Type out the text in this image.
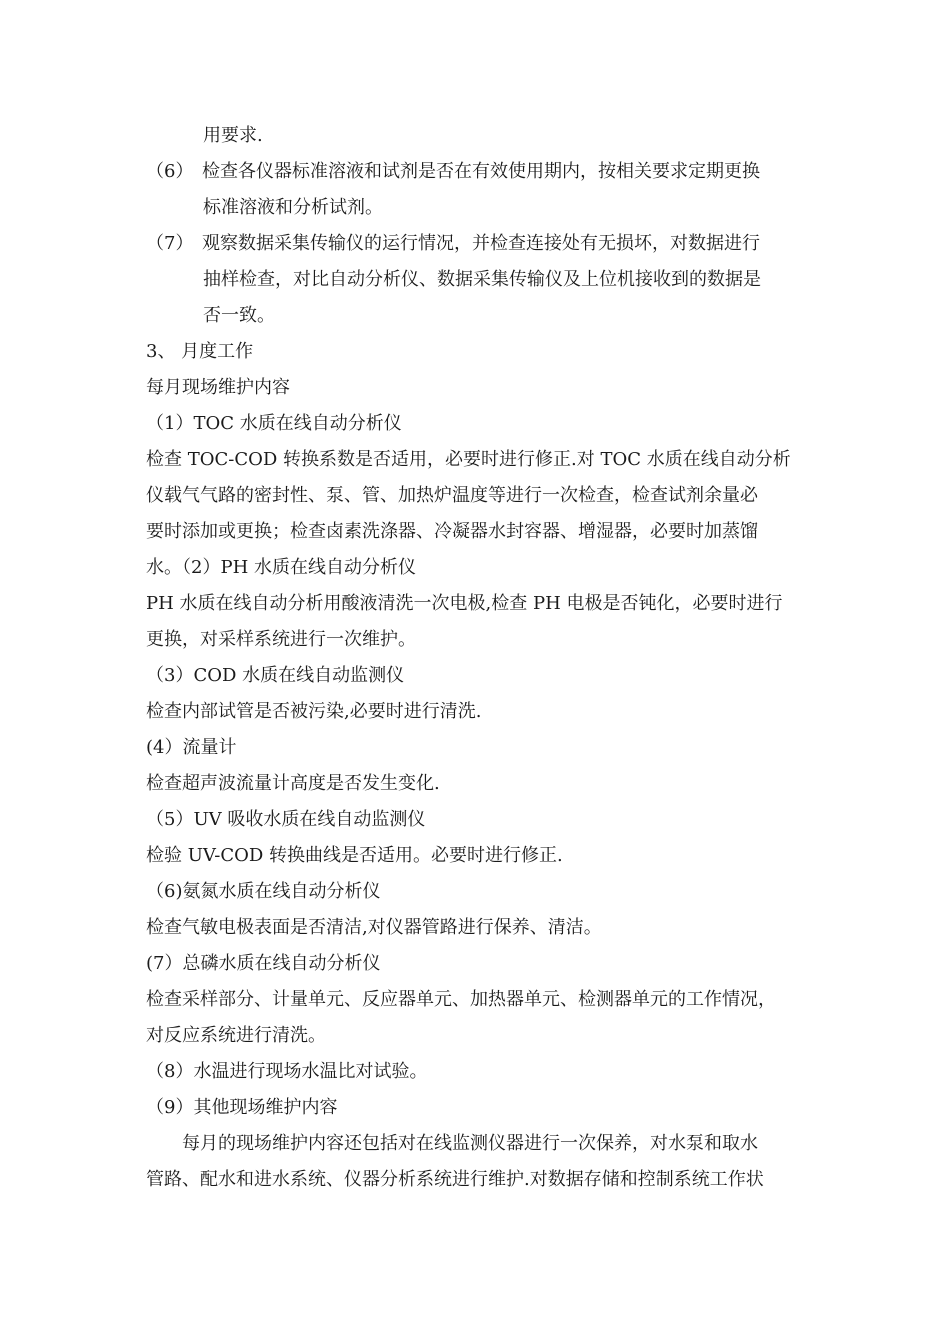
用要求.
（6） 检查各仪器标准溶液和试剂是否在有效使用期内，按相关要求定期更换
标准溶液和分析试剂。
（7） 观察数据采集传输仪的运行情况，并检查连接处有无损坏，对数据进行
抽样检查，对比自动分析仪、数据采集传输仪及上位机接收到的数据是
否一致。
3、 月度工作
每月现场维护内容
（1）TOC 水质在线自动分析仪
检查 TOC-COD 转换系数是否适用，必要时进行修正.对 TOC 水质在线自动分析
仪载气气路的密封性、泵、管、加热炉温度等进行一次检查，检查试剂余量必
要时添加或更换；检查卤素洗涤器、冷凝器水封容器、增湿器，必要时加蒸馏
水。（2）PH 水质在线自动分析仪
PH 水质在线自动分析用酸液清洗一次电极,检查 PH 电极是否钝化，必要时进行
更换，对采样系统进行一次维护。
（3）COD 水质在线自动监测仪
检查内部试管是否被污染,必要时进行清洗.
(4）流量计
检查超声波流量计高度是否发生变化.
（5）UV 吸收水质在线自动监测仪
检验 UV-COD 转换曲线是否适用。必要时进行修正.
（6)氨氮水质在线自动分析仪
检查气敏电极表面是否清洁,对仪器管路进行保养、清洁。
(7）总磷水质在线自动分析仪
检查采样部分、计量单元、反应器单元、加热器单元、检测器单元的工作情况，
对反应系统进行清洗。
（8）水温进行现场水温比对试验。
（9）其他现场维护内容
每月的现场维护内容还包括对在线监测仪器进行一次保养，对水泵和取水
管路、配水和进水系统、仪器分析系统进行维护.对数据存储和控制系统工作状
